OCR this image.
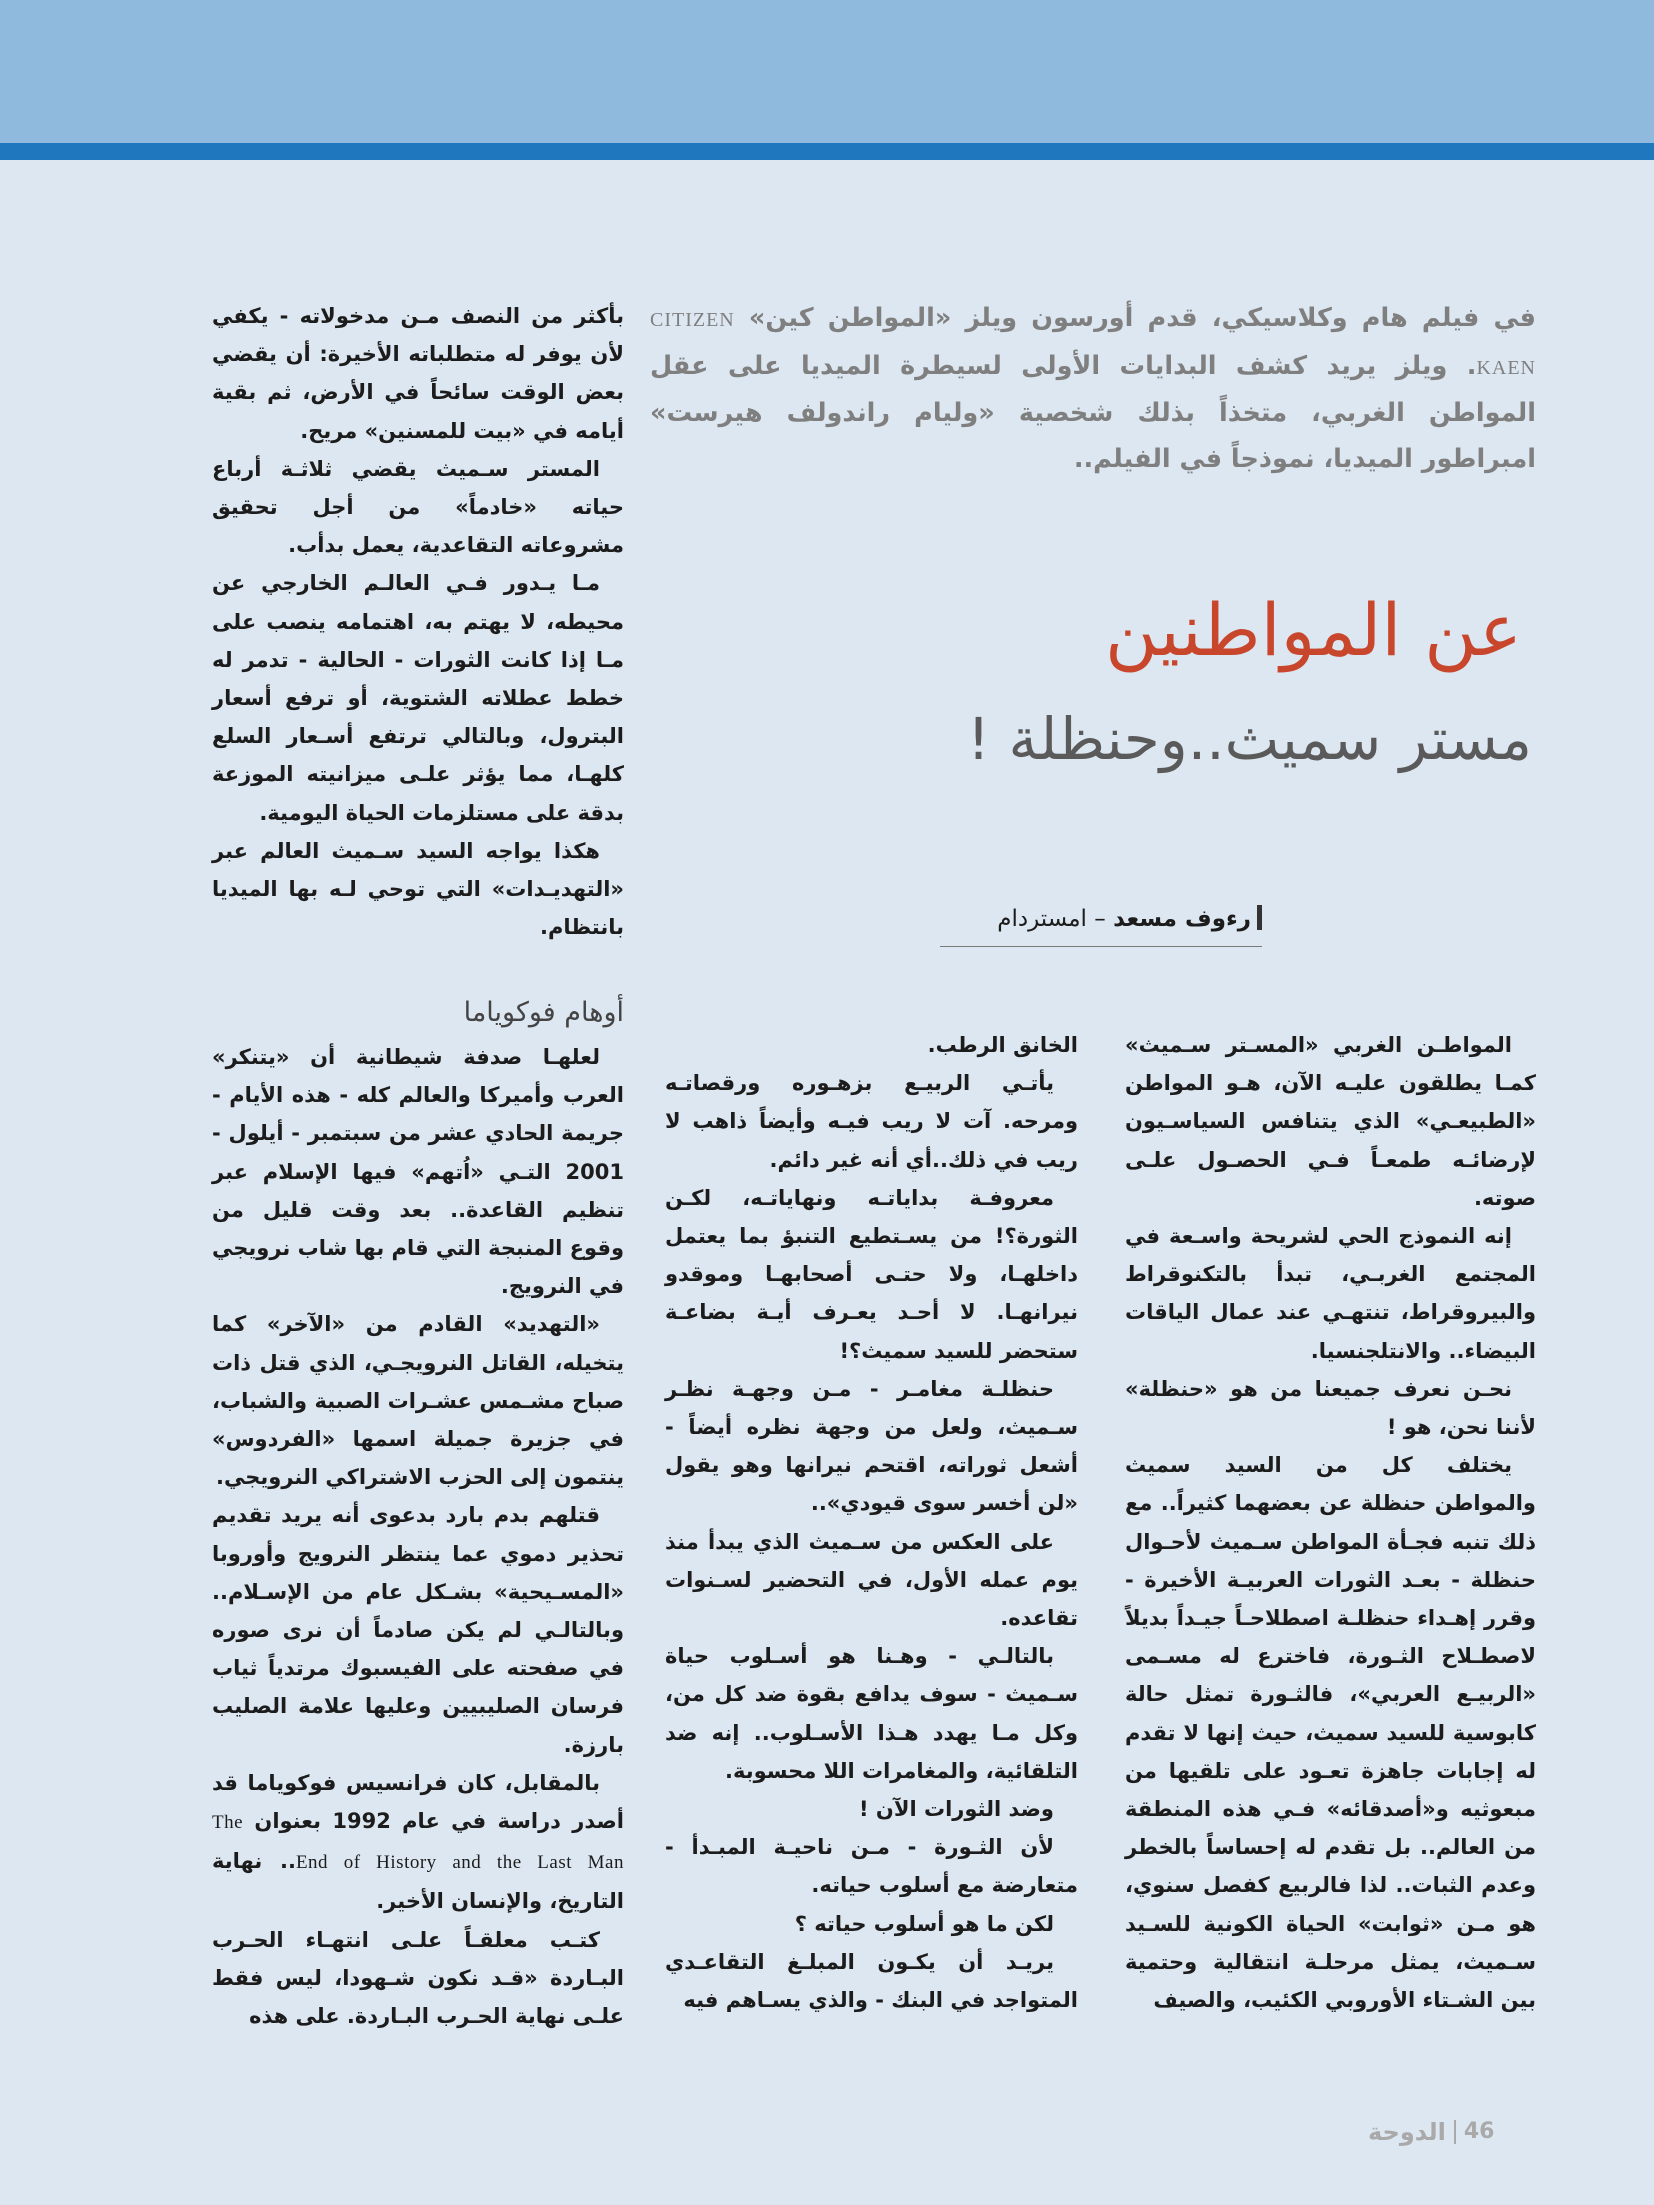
في فيلم هام وكلاسيكي، قدم أورسون ويلز «المواطن كين» CITIZEN KAEN. ويلز يريد كشف البدايات الأولى لسيطرة الميديا على عقل المواطن الغربي، متخذاً بذلك شخصية «وليام راندولف هيرست» امبراطور الميديا، نموذجاً في الفيلم..
عن المواطنين
مستر سميث..وحنظلة !
رءوف مسعد – امستردام

بأكثر من النصف مـن مدخولاته - يكفي لأن يوفر له متطلباته الأخيرة: أن يقضي بعض الوقت سائحاً في الأرض، ثم بقية أيامه في «بيت للمسنين» مريح.

المستر سـميث يقضي ثلاثـة أرباع حياته «خادماً» من أجل تحقيق مشروعاته التقاعدية، يعمل بدأب.

مـا يـدور فـي العالـم الخارجي عن محيطه، لا يهتم به، اهتمامه ينصب على مـا إذا كانت الثورات - الحالية - تدمر له خطط عطلاته الشتوية، أو ترفع أسعار البترول، وبالتالي ترتفع أسـعار السلع كلهـا، مما يؤثر علـى ميزانيته الموزعة بدقة على مستلزمات الحياة اليومية.

هكذا يواجه السيد سـميث العالم عبر «التهديـدات» التي توحي لـه بها الميديا بانتظام.

أوهام فوكوياما

لعلهـا صدفة شيطانية أن «يتنكر» العرب وأميركا والعالم كله - هذه الأيام - جريمة الحادي عشر من سبتمبر - أيلول - 2001 التـي «اُتهم» فيها الإسلام عبر تنظيم القاعدة.. بعد وقت قليل من وقوع المنبجة التي قام بها شاب نرويجي في النرويج.

«التهديد» القادم من «الآخر» كما يتخيله، القاتل النرويجـي، الذي قتل ذات صباح مشـمس عشـرات الصبية والشباب، في جزيرة جميلة اسمها «الفردوس» ينتمون إلى الحزب الاشتراكي النرويجي.

قتلهم بدم بارد بدعوى أنه يريد تقديم تحذير دموي عما ينتظر النرويج وأوروبا «المسـيحية» بشـكل عام من الإسـلام.. وبالتالـي لم يكن صادماً أن نرى صوره في صفحته على الفيسبوك مرتدياً ثياب فرسان الصليبيين وعليها علامة الصليب بارزة.

بالمقابل، كان فرانسيس فوكوياما قد أصدر دراسة في عام 1992 بعنوان The End of History and the Last Man.. نهاية التاريخ، والإنسان الأخير.

كتـب معلقـاً علـى انتهـاء الحـرب البـاردة «قـد نكون شـهودا، ليس فقط علـى نهاية الحـرب البـاردة. على هذه

الخانق الرطب.

يأتـي الربيـع بزهـوره ورقصاتـه ومرحه. آت لا ريب فيـه وأيضاً ذاهب لا ريب في ذلك..أي أنه غير دائم.

معروفـة بداياتـه ونهاياتـه، لكـن الثورة؟! من يسـتطيع التنبؤ بما يعتمل داخلهـا، ولا حتـى أصحابهـا وموقدو نيرانهـا. لا أحـد يعـرف أيـة بضاعـة ستحضر للسيد سميث؟!

حنظلـة مغامـر - مـن وجهـة نظـر سـميث، ولعل من وجهة نظره أيضاً - أشعل ثوراته، اقتحم نيرانها وهو يقول «لن أخسر سوى قيودي»..

على العكس من سـميث الذي يبدأ منذ يوم عمله الأول، في التحضير لسـنوات تقاعده.

بالتالـي - وهـنا هو أسـلوب حياة سـميث - سوف يدافع بقوة ضد كل من، وكل مـا يهدد هـذا الأسـلوب.. إنه ضد التلقائية، والمغامرات اللا محسوبة.

وضد الثورات الآن !

لأن الثـورة - مـن ناحيـة المبـدأ - متعارضة مع أسلوب حياته.

لكن ما هو أسلوب حياته ؟

يريـد أن يكـون المبلـغ التقاعـدي المتواجد في البنك - والذي يسـاهم فيه

المواطـن الغربي «المسـتر سـميث» كمـا يطلقون عليـه الآن، هـو المواطن «الطبيعـي» الذي يتنافس السياسـيون لإرضائـه طمعـاً فـي الحصـول علـى صوته.

إنه النموذج الحي لشريحة واسـعة في المجتمع الغربـي، تبدأ بالتكنوقراط والبيروقراط، تنتهـي عند عمال الياقات البيضاء.. والانتلجنسيا.

نحـن نعرف جميعنا من هو «حنظلة» لأننا نحن، هو !

يختلف كل من السيد سميث والمواطن حنظلة عن بعضهما كثيراً.. مع ذلك تنبه فجـأة المواطن سـميث لأحـوال حنظلة - بعـد الثورات العربيـة الأخيرة - وقرر إهـداء حنظلـة اصطلاحـاً جيـداً بديلاً لاصطـلاح الثـورة، فاخترع له مسـمى «الربيـع العربي»، فالثـورة تمثل حالة كابوسية للسيد سميث، حيث إنها لا تقدم له إجابات جاهزة تعـود على تلقيها من مبعوثيه و«أصدقائه» فـي هذه المنطقة من العالم.. بل تقدم له إحساساً بالخطر وعدم الثبات.. لذا فالربيع كفصل سنوي، هو مـن «ثوابت» الحياة الكونية للسـيد سـميث، يمثل مرحلـة انتقالية وحتمية بين الشـتاء الأوروبي الكئيب، والصيف

الدوحة 46
